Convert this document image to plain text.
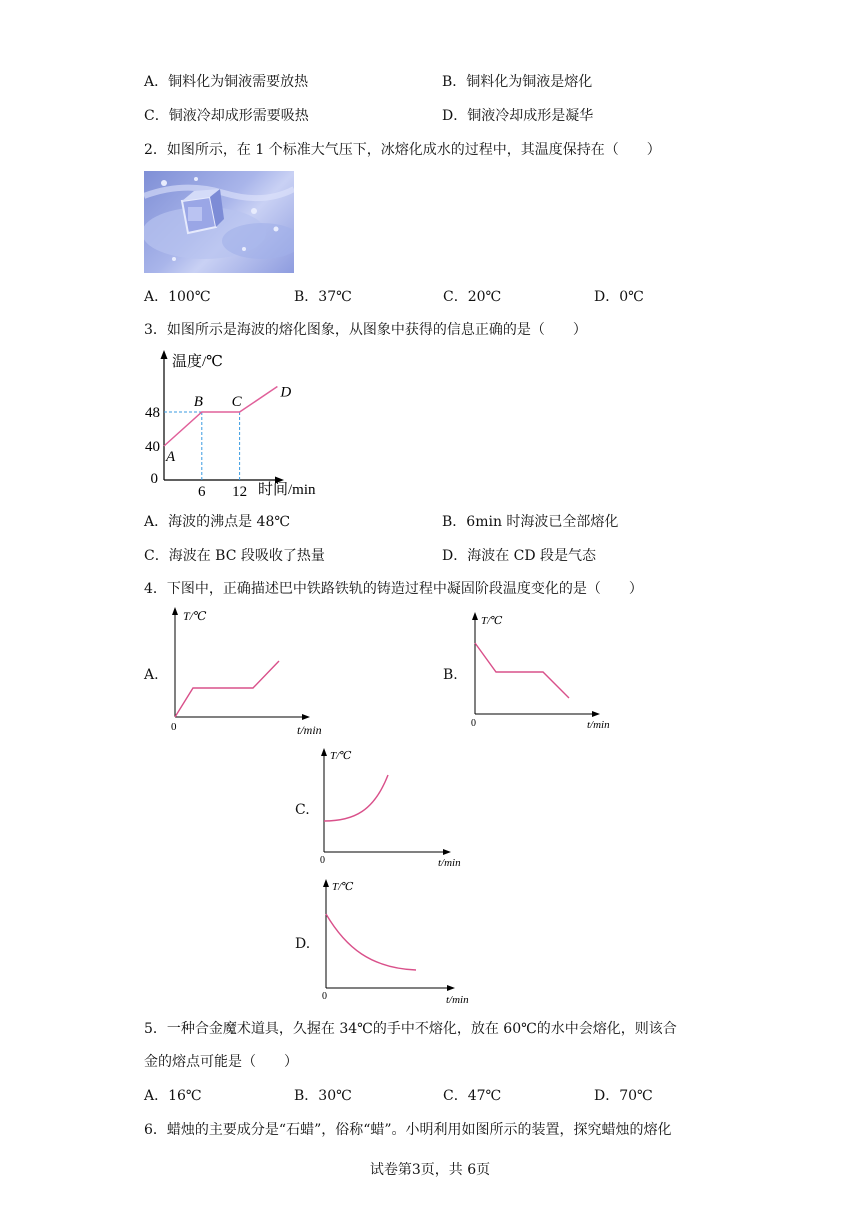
A．铜料化为铜液需要放热	B．铜料化为铜液是熔化
C．铜液冷却成形需要吸热	D．铜液冷却成形是凝华
2．如图所示，在 1 个标准大气压下，冰熔化成水的过程中，其温度保持在（　　）
A．100℃	B．37℃	C．20℃	D．0℃
3．如图所示是海波的熔化图象，从图象中获得的信息正确的是（　　）
40
48
0
6 12
A
B C
D
温度/℃
时间/min
A．海波的沸点是 48℃	B．6min 时海波已全部熔化
C．海波在 BC 段吸收了热量	D．海波在 CD 段是气态
4．下图中，正确描述巴中铁路铁轨的铸造过程中凝固阶段温度变化的是（　　）
A.
T/℃
0	t/min
B.
T/℃
0	t/min
C.
T/℃
0	t/min
D.
T/℃
0	t/min
5．一种合金魔术道具，久握在 34℃的手中不熔化，放在 60℃的水中会熔化，则该合
金的熔点可能是（　　）
A．16℃	B．30℃	C．47℃	D．70℃
6．蜡烛的主要成分是“石蜡”，俗称“蜡”。小明利用如图所示的装置，探究蜡烛的熔化
试卷第3页，共 6页
